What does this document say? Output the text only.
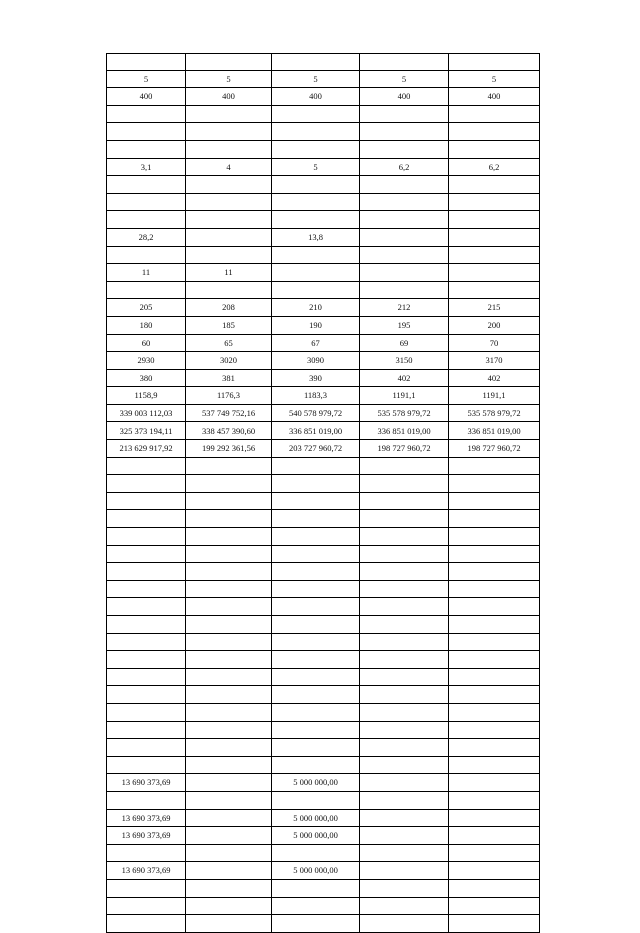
5	5	5	5	5
400	400	400	400	400

3,1	4	5	6,2	6,2

28,2		13,8		

11	11			

205	208	210	212	215
180	185	190	195	200
60	65	67	69	70
2930	3020	3090	3150	3170
380	381	390	402	402
1158,9	1176,3	1183,3	1191,1	1191,1
339 003 112,03	537 749 752,16	540 578 979,72	535 578 979,72	535 578 979,72
325 373 194,11	338 457 390,60	336 851 019,00	336 851 019,00	336 851 019,00
213 629 917,92	199 292 361,56	203 727 960,72	198 727 960,72	198 727 960,72

13 690 373,69		5 000 000,00		

13 690 373,69		5 000 000,00		
13 690 373,69		5 000 000,00		

13 690 373,69		5 000 000,00		
